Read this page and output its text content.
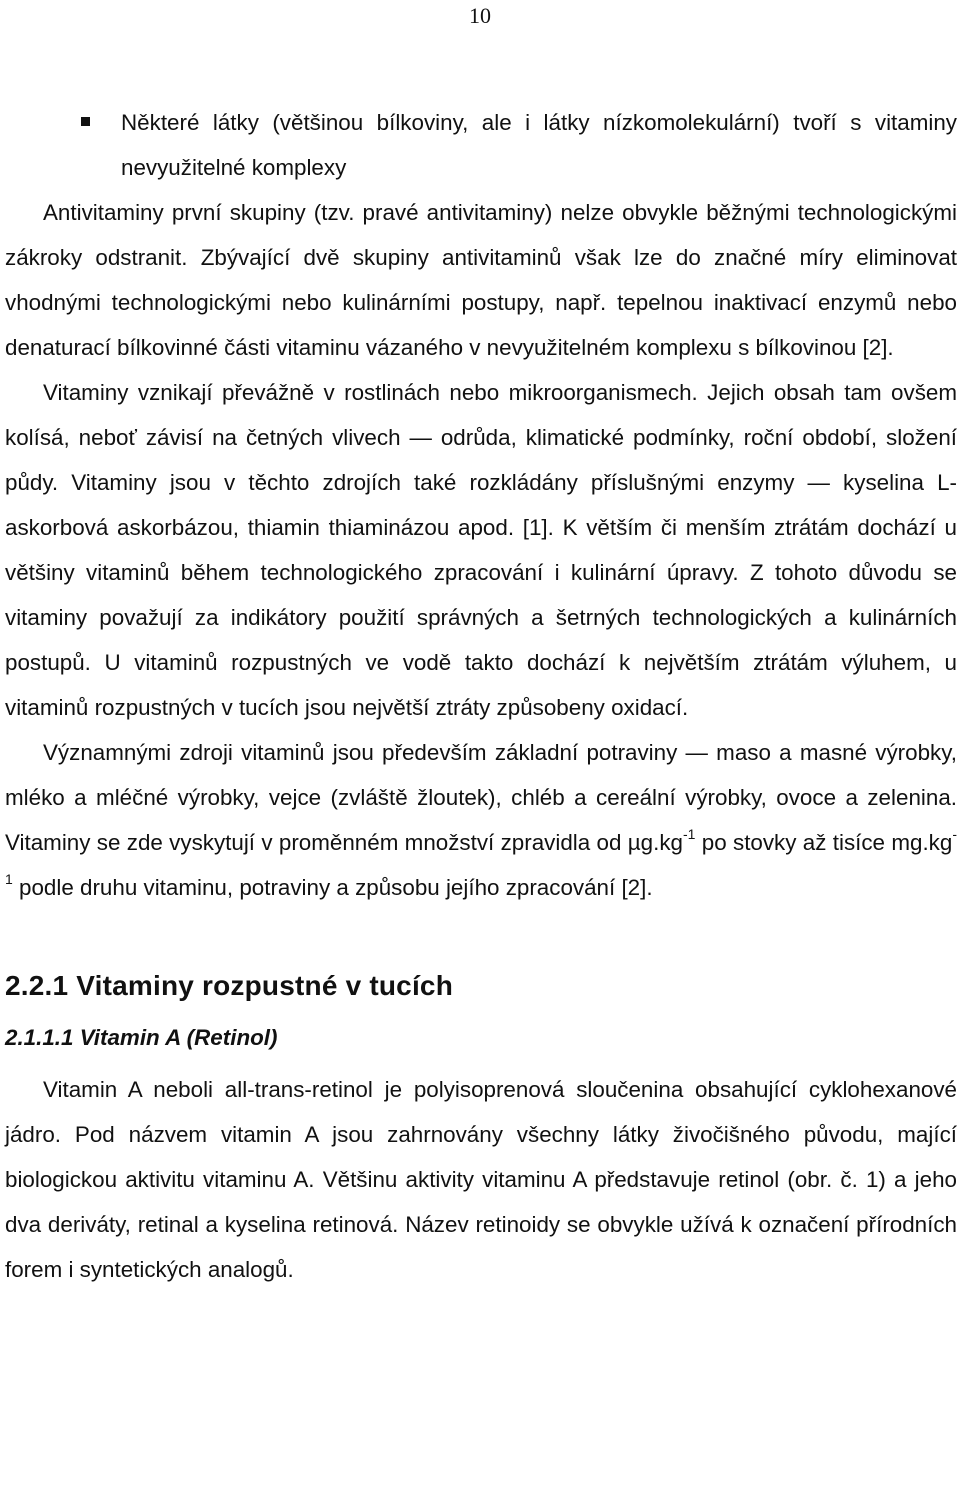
10

Některé látky (většinou bílkoviny, ale i látky nízkomolekulární) tvoří s vitaminy nevyužitelné komplexy

Antivitaminy první skupiny (tzv. pravé antivitaminy) nelze obvykle běžnými technologickými zákroky odstranit. Zbývající dvě skupiny antivitaminů však lze do značné míry eliminovat vhodnými technologickými nebo kulinárními postupy, např. tepelnou inaktivací enzymů nebo denaturací bílkovinné části vitaminu vázaného v nevyužitelném komplexu s bílkovinou [2].

Vitaminy vznikají převážně v rostlinách nebo mikroorganismech. Jejich obsah tam ovšem kolísá, neboť závisí na četných vlivech — odrůda, klimatické podmínky, roční období, složení půdy. Vitaminy jsou v těchto zdrojích také rozkládány příslušnými enzymy — kyselina L-askorbová askorbázou, thiamin thiaminázou apod. [1]. K větším či menším ztrátám dochází u většiny vitaminů během technologického zpracování i kulinární úpravy. Z tohoto důvodu se vitaminy považují za indikátory použití správných a šetrných technologických a kulinárních postupů. U vitaminů rozpustných ve vodě takto dochází k největším ztrátám výluhem, u vitaminů rozpustných v tucích jsou největší ztráty způsobeny oxidací.

Významnými zdroji vitaminů jsou především základní potraviny — maso a masné výrobky, mléko a mléčné výrobky, vejce (zvláště žloutek), chléb a cereální výrobky, ovoce a zelenina. Vitaminy se zde vyskytují v proměnném množství zpravidla od $\mu g.kg^{-1}$ po stovky až tisíce $mg.kg^{-1}$ podle druhu vitaminu, potraviny a způsobu jejího zpracování [2].

2.2.1 Vitaminy rozpustné v tucích
2.1.1.1 Vitamin A (Retinol)

Vitamin A neboli all-trans-retinol je polyisoprenová sloučenina obsahující cyklohexanové jádro. Pod názvem vitamin A jsou zahrnovány všechny látky živočišného původu, mající biologickou aktivitu vitaminu A. Většinu aktivity vitaminu A představuje retinol (obr. č. 1) a jeho dva deriváty, retinal a kyselina retinová. Název retinoidy se obvykle užívá k označení přírodních forem i syntetických analogů.
